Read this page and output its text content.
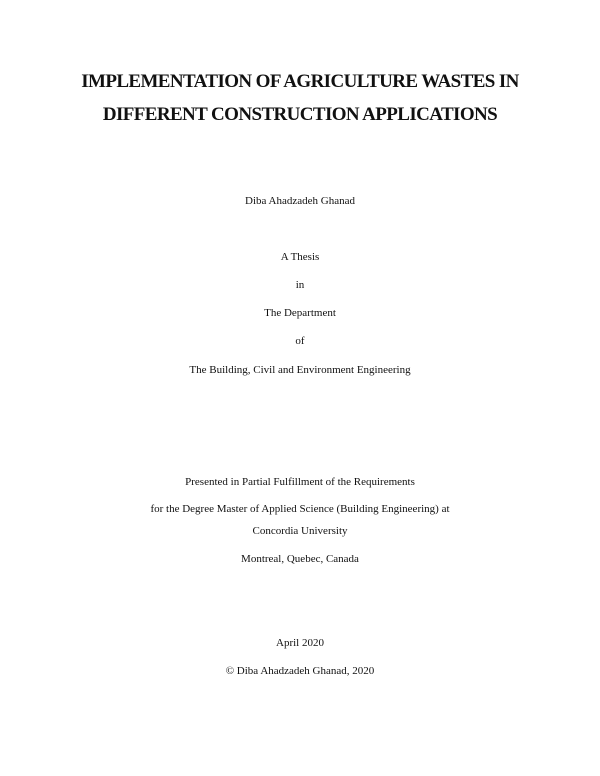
IMPLEMENTATION OF AGRICULTURE WASTES IN
DIFFERENT CONSTRUCTION APPLICATIONS
Diba Ahadzadeh Ghanad
A Thesis
in
The Department
of
The Building, Civil and Environment Engineering
Presented in Partial Fulfillment of the Requirements
for the Degree Master of Applied Science (Building Engineering) at
Concordia University
Montreal, Quebec, Canada
April 2020
© Diba Ahadzadeh Ghanad, 2020
